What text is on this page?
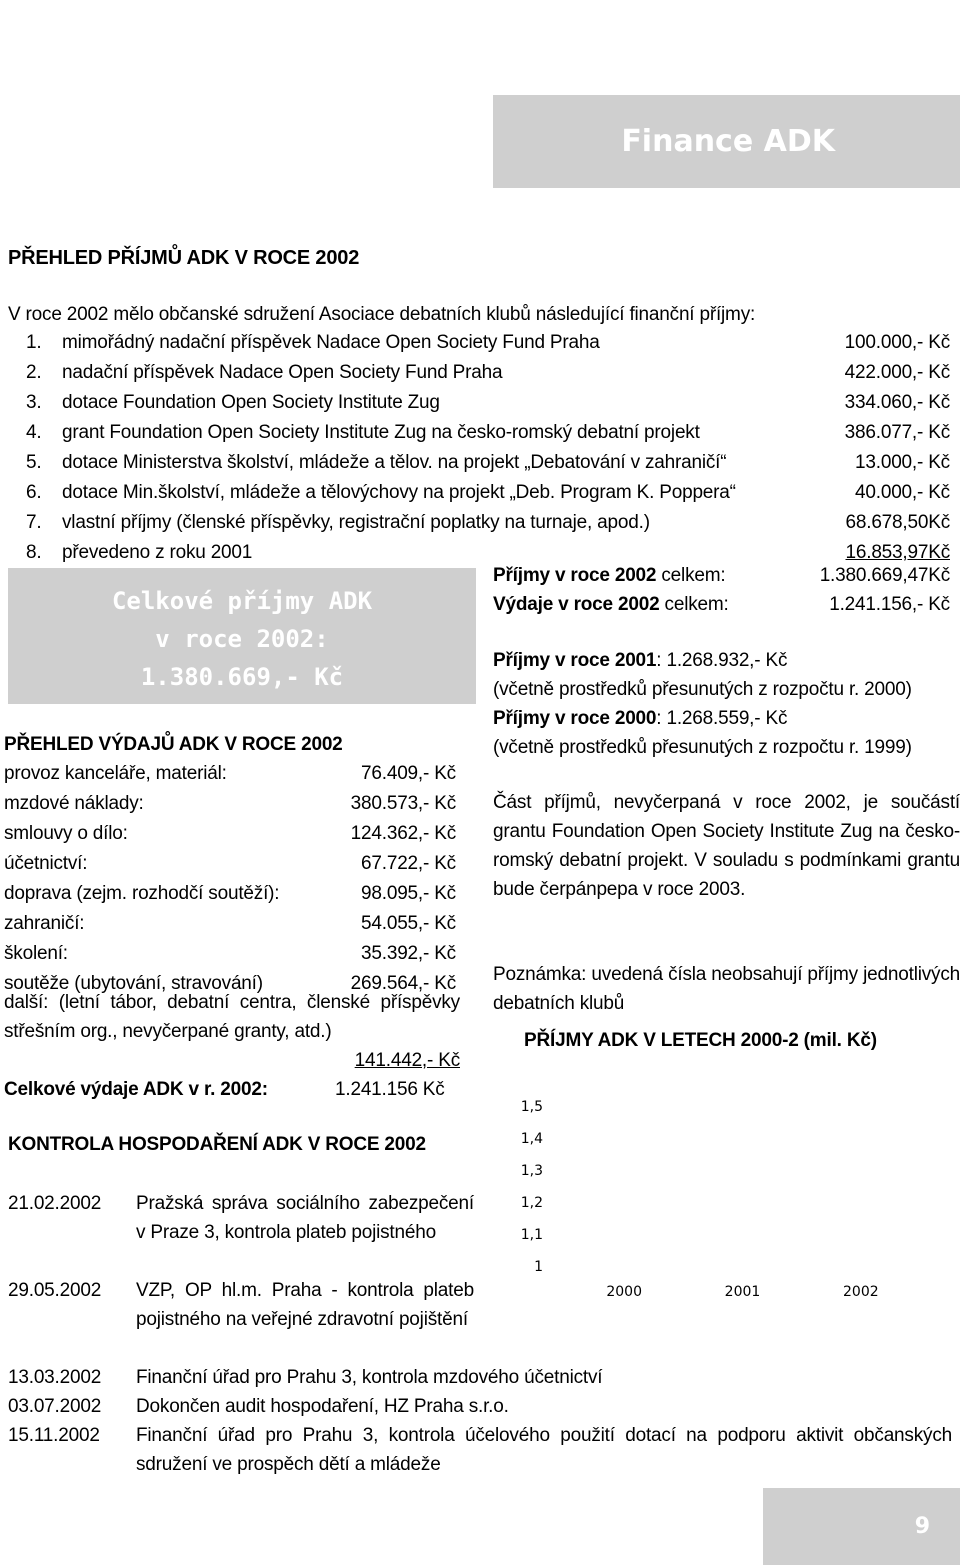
Finance ADK
PŘEHLED PŘÍJMŮ ADK V ROCE 2002
V roce 2002 mělo občanské sdružení Asociace debatních klubů následující finanční příjmy:
1. mimořádný nadační příspěvek Nadace Open Society Fund Praha	100.000,- Kč
2. nadační příspěvek Nadace Open Society Fund Praha	422.000,- Kč
3. dotace Foundation Open Society Institute Zug	334.060,- Kč
4. grant Foundation Open Society Institute Zug na česko-romský debatní projekt	386.077,- Kč
5. dotace Ministerstva školství, mládeže a tělov. na projekt „Debatování v zahraničí“	13.000,- Kč
6. dotace Min.školství, mládeže a tělovýchovy na projekt „Deb. Program K. Poppera“	40.000,- Kč
7. vlastní příjmy (členské příspěvky, registrační poplatky na turnaje, apod.)	68.678,50Kč
8. převedeno z roku 2001	16.853,97Kč
Celkové příjmy ADK
v roce 2002:
1.380.669,- Kč
Příjmy v roce 2002 celkem:	1.380.669,47Kč
Výdaje v roce 2002 celkem:	1.241.156,- Kč
Příjmy v roce 2001: 1.268.932,- Kč
(včetně prostředků přesunutých z rozpočtu r. 2000)
Příjmy v roce 2000: 1.268.559,- Kč
(včetně prostředků přesunutých z rozpočtu r. 1999)
Část příjmů, nevyčerpaná v roce 2002, je součástí grantu Foundation Open Society Institute Zug na česko-romský debatní projekt. V souladu s podmínkami grantu bude čerpánpepa v roce 2003.
Poznámka: uvedená čísla neobsahují příjmy jednotlivých debatních klubů
PŘÍJMY ADK V LETECH 2000-2 (mil. Kč)
1,5
1,4
1,3
1,2
1,1
1
2000	2001	2002
PŘEHLED VÝDAJŮ ADK V ROCE 2002
provoz kanceláře, materiál:	76.409,- Kč
mzdové náklady:	380.573,- Kč
smlouvy o dílo:	124.362,- Kč
účetnictví:	67.722,- Kč
doprava (zejm. rozhodčí soutěží):	98.095,- Kč
zahraničí:	54.055,- Kč
školení:	35.392,- Kč
soutěže (ubytování, stravování)	269.564,- Kč
další: (letní tábor, debatní centra, členské příspěvky střešním org., nevyčerpané granty, atd.)
141.442,- Kč
Celkové výdaje ADK v r. 2002:	1.241.156 Kč
KONTROLA HOSPODAŘENÍ ADK V ROCE 2002
21.02.2002 Pražská správa sociálního zabezpečení v Praze 3, kontrola plateb pojistného
29.05.2002 VZP, OP hl.m. Praha - kontrola plateb pojistného na veřejné zdravotní pojištění
13.03.2002 Finanční úřad pro Prahu 3, kontrola mzdového účetnictví
03.07.2002 Dokončen audit hospodaření, HZ Praha s.r.o.
15.11.2002 Finanční úřad pro Prahu 3, kontrola účelového použití dotací na podporu aktivit občanských sdružení ve prospěch dětí a mládeže
9
